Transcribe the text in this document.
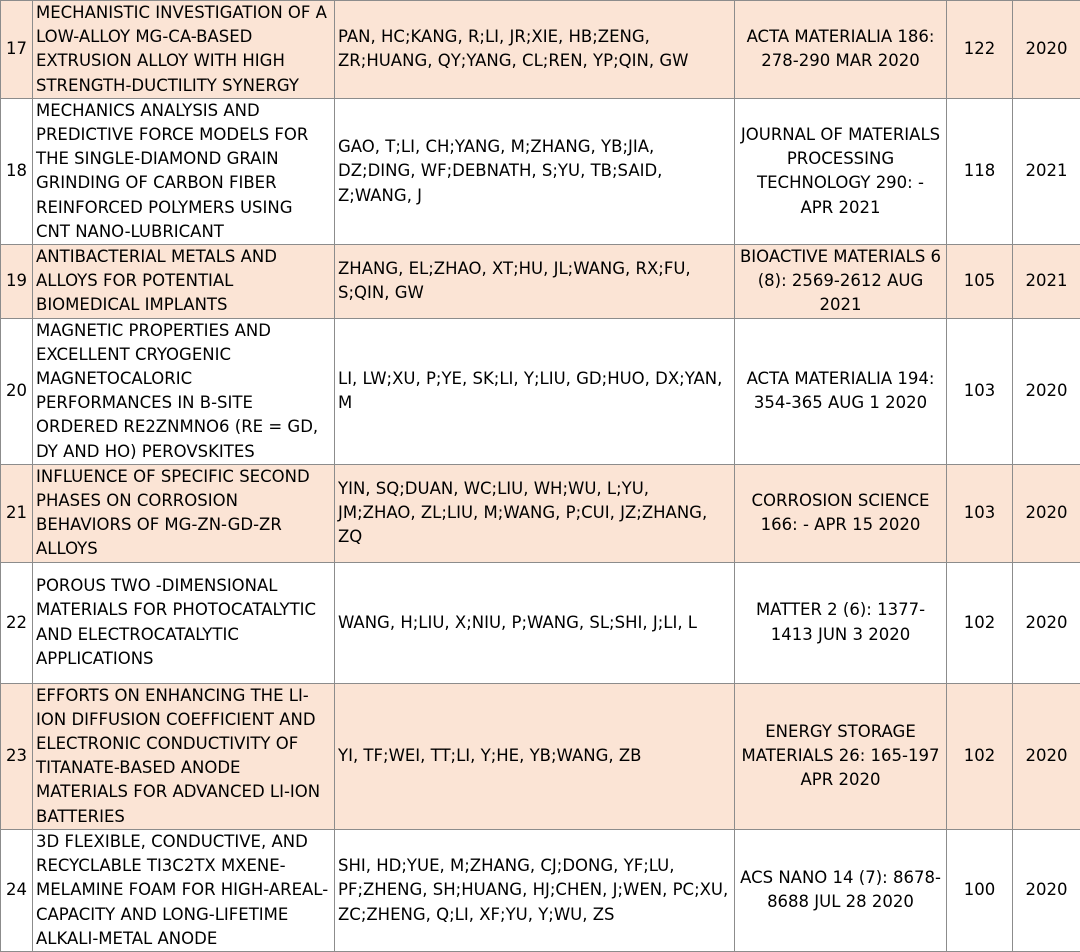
17	MECHANISTIC INVESTIGATION OF A LOW-ALLOY MG-CA-BASED EXTRUSION ALLOY WITH HIGH STRENGTH-DUCTILITY SYNERGY	PAN, HC;KANG, R;LI, JR;XIE, HB;ZENG, ZR;HUANG, QY;YANG, CL;REN, YP;QIN, GW	ACTA MATERIALIA 186: 278-290 MAR 2020	122	2020
18	MECHANICS ANALYSIS AND PREDICTIVE FORCE MODELS FOR THE SINGLE-DIAMOND GRAIN GRINDING OF CARBON FIBER REINFORCED POLYMERS USING CNT NANO-LUBRICANT	GAO, T;LI, CH;YANG, M;ZHANG, YB;JIA, DZ;DING, WF;DEBNATH, S;YU, TB;SAID, Z;WANG, J	JOURNAL OF MATERIALS PROCESSING TECHNOLOGY 290: - APR 2021	118	2021
19	ANTIBACTERIAL METALS AND ALLOYS FOR POTENTIAL BIOMEDICAL IMPLANTS	ZHANG, EL;ZHAO, XT;HU, JL;WANG, RX;FU, S;QIN, GW	BIOACTIVE MATERIALS 6 (8): 2569-2612 AUG 2021	105	2021
20	MAGNETIC PROPERTIES AND EXCELLENT CRYOGENIC MAGNETOCALORIC PERFORMANCES IN B-SITE ORDERED RE2ZNMNO6 (RE = GD, DY AND HO) PEROVSKITES	LI, LW;XU, P;YE, SK;LI, Y;LIU, GD;HUO, DX;YAN, M	ACTA MATERIALIA 194: 354-365 AUG 1 2020	103	2020
21	INFLUENCE OF SPECIFIC SECOND PHASES ON CORROSION BEHAVIORS OF MG-ZN-GD-ZR ALLOYS	YIN, SQ;DUAN, WC;LIU, WH;WU, L;YU, JM;ZHAO, ZL;LIU, M;WANG, P;CUI, JZ;ZHANG, ZQ	CORROSION SCIENCE 166: - APR 15 2020	103	2020
22	POROUS TWO -DIMENSIONAL MATERIALS FOR PHOTOCATALYTIC AND ELECTROCATALYTIC APPLICATIONS	WANG, H;LIU, X;NIU, P;WANG, SL;SHI, J;LI, L	MATTER 2 (6): 1377-1413 JUN 3 2020	102	2020
23	EFFORTS ON ENHANCING THE LI-ION DIFFUSION COEFFICIENT AND ELECTRONIC CONDUCTIVITY OF TITANATE-BASED ANODE MATERIALS FOR ADVANCED LI-ION BATTERIES	YI, TF;WEI, TT;LI, Y;HE, YB;WANG, ZB	ENERGY STORAGE MATERIALS 26: 165-197 APR 2020	102	2020
24	3D FLEXIBLE, CONDUCTIVE, AND RECYCLABLE TI3C2TX MXENE-MELAMINE FOAM FOR HIGH-AREAL-CAPACITY AND LONG-LIFETIME ALKALI-METAL ANODE	SHI, HD;YUE, M;ZHANG, CJ;DONG, YF;LU, PF;ZHENG, SH;HUANG, HJ;CHEN, J;WEN, PC;XU, ZC;ZHENG, Q;LI, XF;YU, Y;WU, ZS	ACS NANO 14 (7): 8678-8688 JUL 28 2020	100	2020
